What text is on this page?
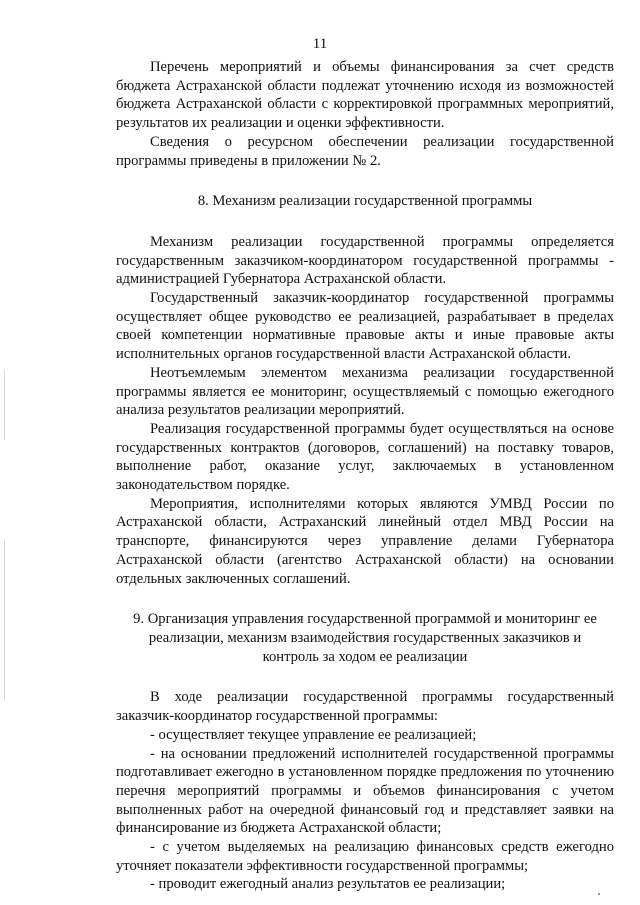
11

Перечень мероприятий и объемы финансирования за счет средств бюджета Астраханской области подлежат уточнению исходя из возможностей бюджета Астраханской области с корректировкой программных мероприятий, результатов их реализации и оценки эффективности.

Сведения о ресурсном обеспечении реализации государственной программы приведены в приложении № 2.

8. Механизм реализации государственной программы

Механизм реализации государственной программы определяется государственным заказчиком-координатором государственной программы - администрацией Губернатора Астраханской области.

Государственный заказчик-координатор государственной программы осуществляет общее руководство ее реализацией, разрабатывает в пределах своей компетенции нормативные правовые акты и иные правовые акты исполнительных органов государственной власти Астраханской области.

Неотъемлемым элементом механизма реализации государственной программы является ее мониторинг, осуществляемый с помощью ежегодного анализа результатов реализации мероприятий.

Реализация государственной программы будет осуществляться на основе государственных контрактов (договоров, соглашений) на поставку товаров, выполнение работ, оказание услуг, заключаемых в установленном законодательством порядке.

Мероприятия, исполнителями которых являются УМВД России по Астраханской области, Астраханский линейный отдел МВД России на транспорте, финансируются через управление делами Губернатора Астраханской области (агентство Астраханской области) на основании отдельных заключенных соглашений.

9. Организация управления государственной программой и мониторинг ее
реализации, механизм взаимодействия государственных заказчиков и
контроль за ходом ее реализации

В ходе реализации государственной программы государственный заказчик-координатор государственной программы:

- осуществляет текущее управление ее реализацией;

- на основании предложений исполнителей государственной программы подготавливает ежегодно в установленном порядке предложения по уточнению перечня мероприятий программы и объемов финансирования с учетом выполненных работ на очередной финансовый год и представляет заявки на финансирование из бюджета Астраханской области;

- с учетом выделяемых на реализацию финансовых средств ежегодно уточняет показатели эффективности государственной программы;

- проводит ежегодный анализ результатов ее реализации;
